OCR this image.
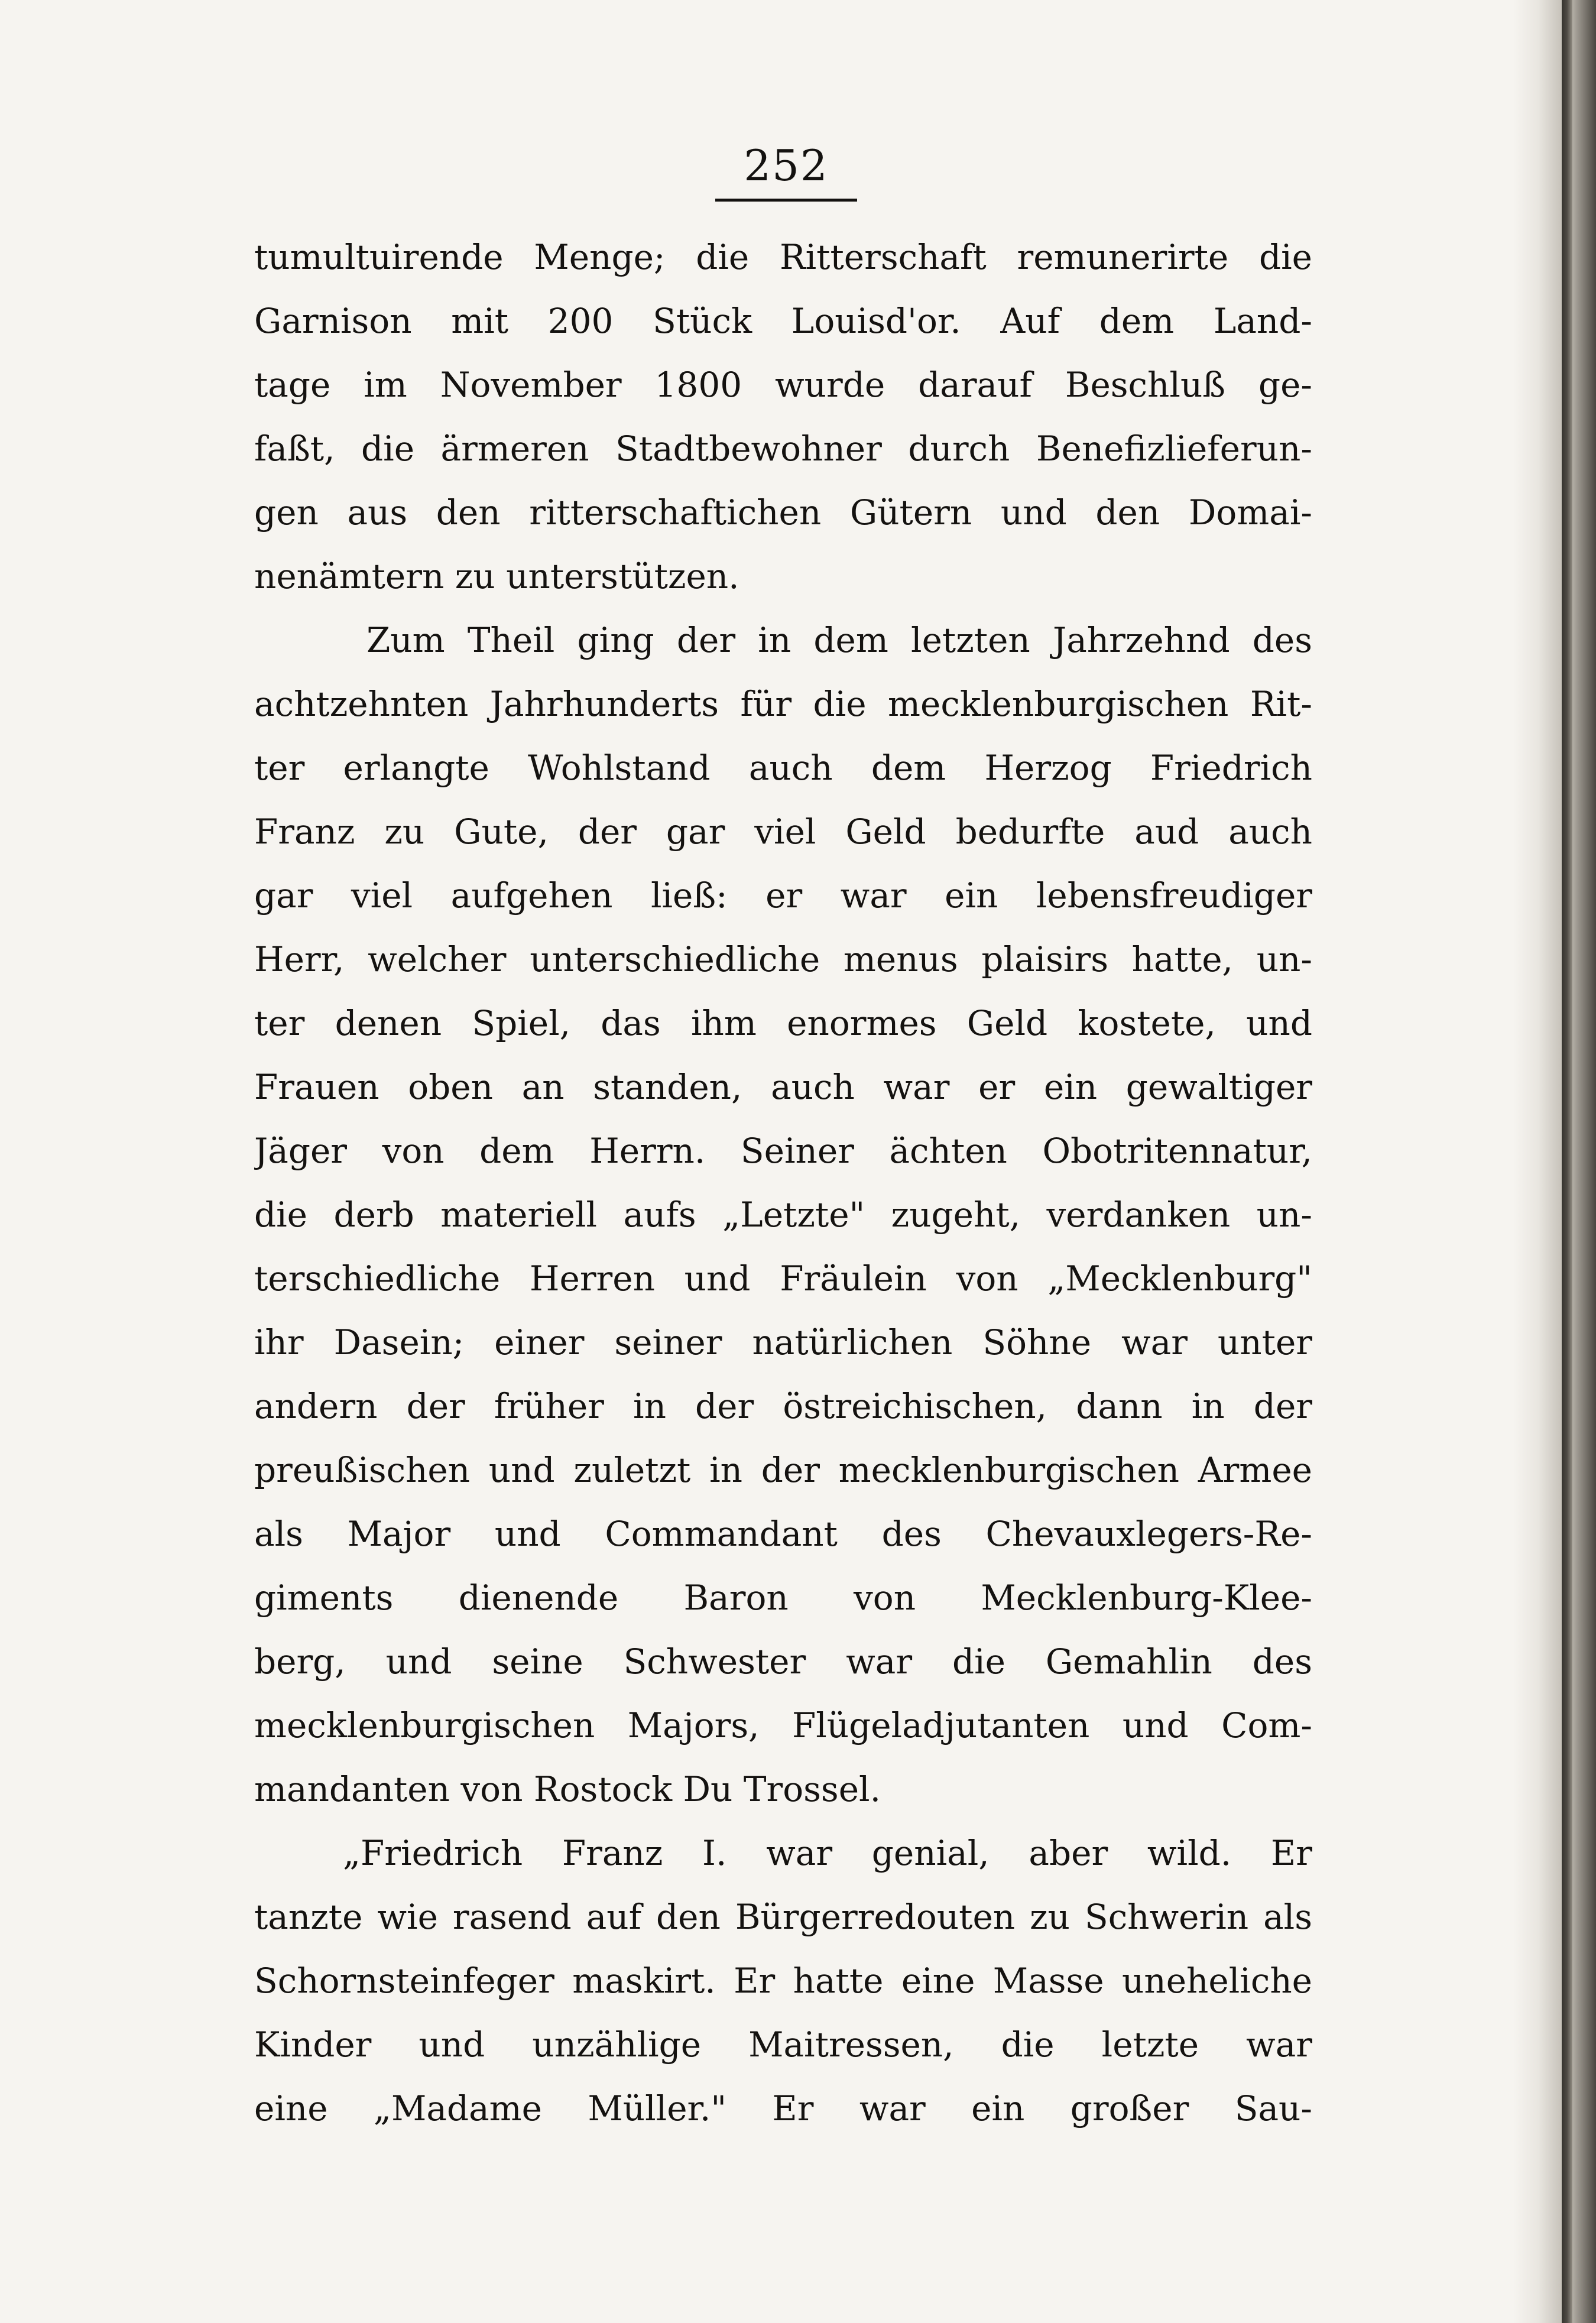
252
tumultuirende Menge; die Ritterschaft remunerirte die
Garnison mit 200 Stück Louisd'or. Auf dem Land-
tage im November 1800 wurde darauf Beschluß ge-
faßt, die ärmeren Stadtbewohner durch Benefizlieferun-
gen aus den ritterschaftichen Gütern und den Domai-
nenämtern zu unterstützen.
Zum Theil ging der in dem letzten Jahrzehnd des
achtzehnten Jahrhunderts für die mecklenburgischen Rit-
ter erlangte Wohlstand auch dem Herzog Friedrich
Franz zu Gute, der gar viel Geld bedurfte aud auch
gar viel aufgehen ließ: er war ein lebensfreudiger
Herr, welcher unterschiedliche menus plaisirs hatte, un-
ter denen Spiel, das ihm enormes Geld kostete, und
Frauen oben an standen, auch war er ein gewaltiger
Jäger von dem Herrn. Seiner ächten Obotritennatur,
die derb materiell aufs „Letzte" zugeht, verdanken un-
terschiedliche Herren und Fräulein von „Mecklenburg"
ihr Dasein; einer seiner natürlichen Söhne war unter
andern der früher in der östreichischen, dann in der
preußischen und zuletzt in der mecklenburgischen Armee
als Major und Commandant des Chevauxlegers-Re-
giments dienende Baron von Mecklenburg-Klee-
berg, und seine Schwester war die Gemahlin des
mecklenburgischen Majors, Flügeladjutanten und Com-
mandanten von Rostock Du Trossel.
„Friedrich Franz I. war genial, aber wild. Er
tanzte wie rasend auf den Bürgerredouten zu Schwerin als
Schornsteinfeger maskirt. Er hatte eine Masse uneheliche
Kinder und unzählige Maitressen, die letzte war
eine „Madame Müller." Er war ein großer Sau-
